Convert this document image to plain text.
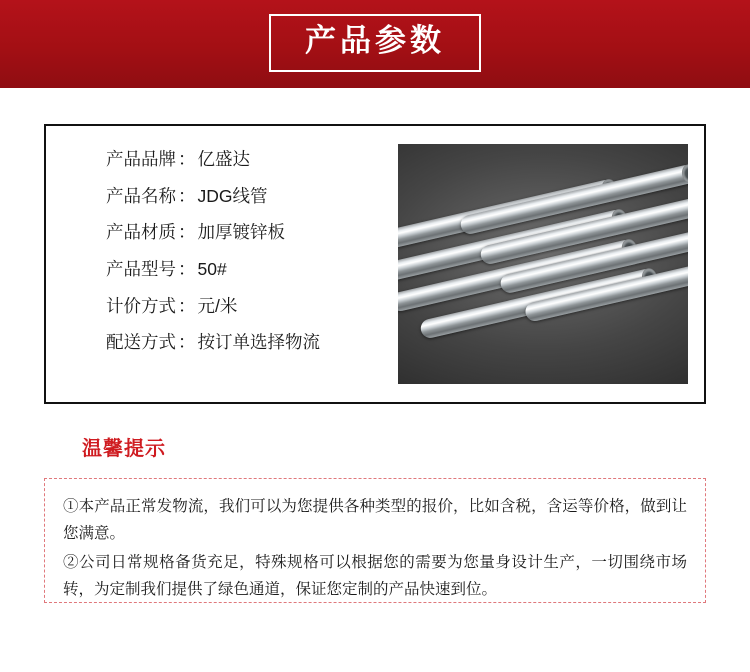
产品参数
产品品牌 ： 亿盛达
产品名称 ： JDG线管
产品材质 ： 加厚镀锌板
产品型号 ： 50#
计价方式 ： 元/米
配送方式 ： 按订单选择物流
温馨提示
①本产品正常发物流，我们可以为您提供各种类型的报价，比如含税，含运等价格，做到让您满意。
②公司日常规格备货充足，特殊规格可以根据您的需要为您量身设计生产，一切围绕市场转，为定制我们提供了绿色通道，保证您定制的产品快速到位。
